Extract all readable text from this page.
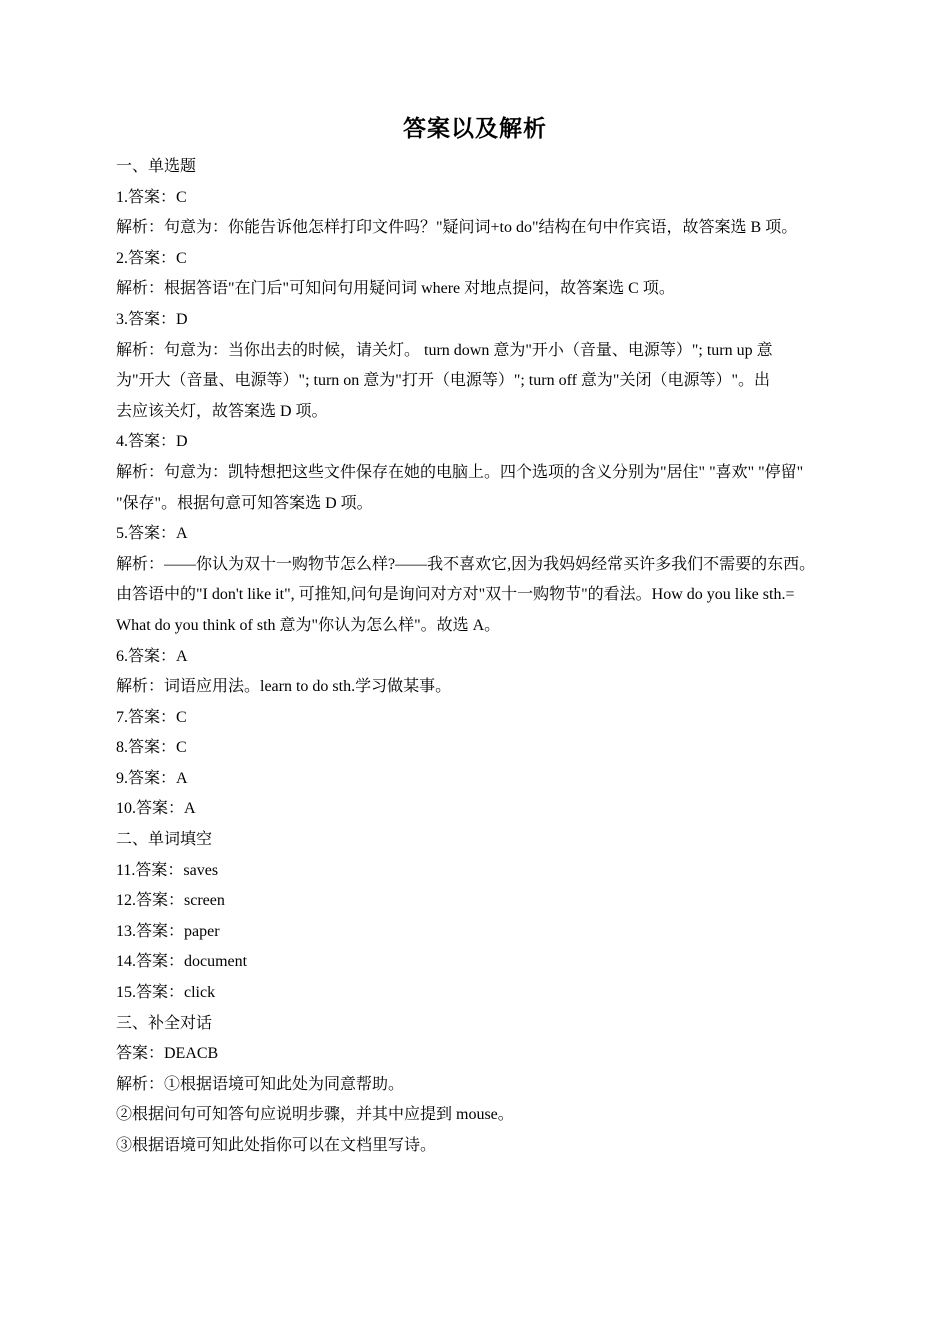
答案以及解析
一、单选题
1.答案：C
解析：句意为：你能告诉他怎样打印文件吗？"疑问词+to do"结构在句中作宾语，故答案选 B 项。
2.答案：C
解析：根据答语"在门后"可知问句用疑问词 where 对地点提问，故答案选 C 项。
3.答案：D
解析：句意为：当你出去的时候，请关灯。 turn down 意为"开小（音量、电源等）"; turn up 意
为"开大（音量、电源等）"; turn on 意为"打开（电源等）"; turn off 意为"关闭（电源等）"。出
去应该关灯，故答案选 D 项。
4.答案：D
解析：句意为：凯特想把这些文件保存在她的电脑上。四个选项的含义分别为"居住" "喜欢" "停留"
"保存"。根据句意可知答案选 D 项。
5.答案：A
解析：——你认为双十一购物节怎么样?——我不喜欢它,因为我妈妈经常买许多我们不需要的东西。
由答语中的"I don't like it", 可推知,问句是询问对方对"双十一购物节"的看法。How do you like sth.=
What do you think of sth 意为"你认为怎么样"。故选 A。
6.答案：A
解析：词语应用法。learn to do sth.学习做某事。
7.答案：C
8.答案：C
9.答案：A
10.答案：A
二、单词填空
11.答案：saves
12.答案：screen
13.答案：paper
14.答案：document
15.答案：click
三、补全对话
答案：DEACB
解析：①根据语境可知此处为同意帮助。
②根据问句可知答句应说明步骤，并其中应提到 mouse。
③根据语境可知此处指你可以在文档里写诗。
